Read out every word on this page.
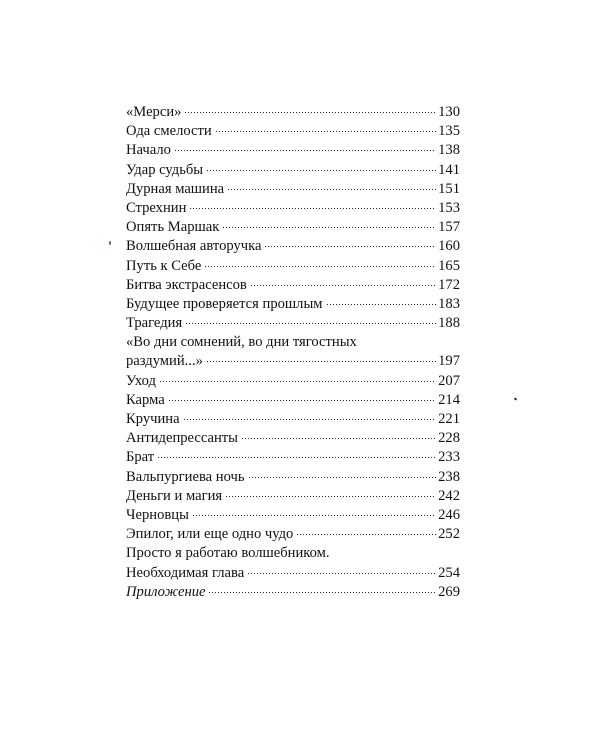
«Мерси»	130
Ода смелости	135
Начало	138
Удар судьбы	141
Дурная машина	151
Стрехнин	153
Опять Маршак	157
Волшебная авторучка	160
Путь к Себе	165
Битва экстрасенсов	172
Будущее проверяется прошлым	183
Трагедия	188
«Во дни сомнений, во дни тягостных
раздумий...»	197
Уход	207
Карма	214
Кручина	221
Антидепрессанты	228
Брат	233
Вальпургиева ночь	238
Деньги и магия	242
Черновцы	246
Эпилог, или еще одно чудо	252
Просто я работаю волшебником.
Необходимая глава	254
Приложение	269
